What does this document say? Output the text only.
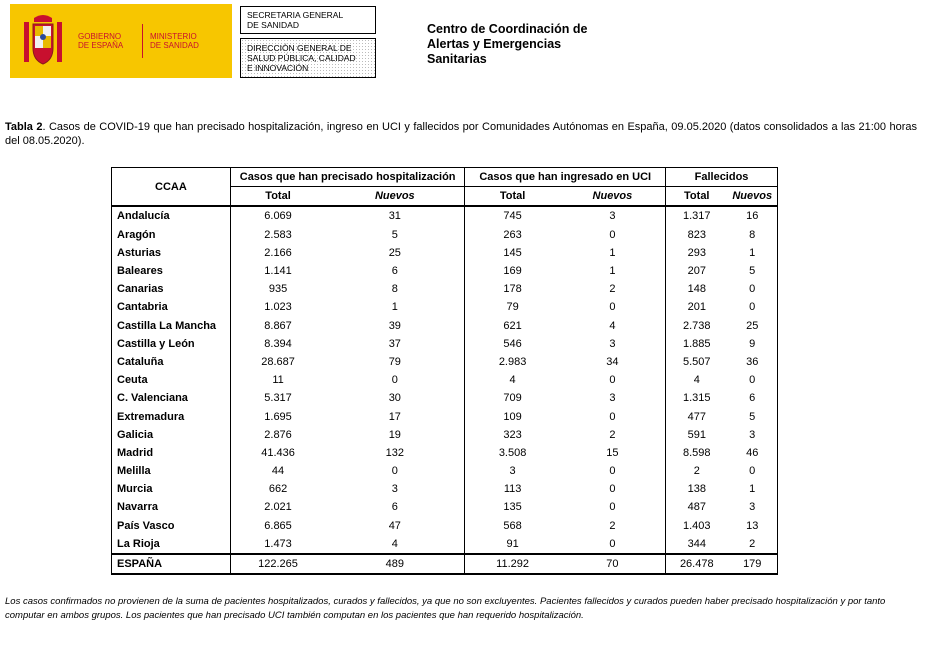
GOBIERNO
DE ESPAÑA
MINISTERIO
DE SANIDAD
SECRETARIA GENERAL
DE SANIDAD
DIRECCIÓN GENERAL DE
SALUD PÚBLICA, CALIDAD
E INNOVACIÓN
Centro de Coordinación de
Alertas y Emergencias
Sanitarias
Tabla 2. Casos de COVID-19 que han precisado hospitalización, ingreso en UCI y fallecidos por Comunidades Autónomas en España, 09.05.2020 (datos consolidados a las 21:00 horas del 08.05.2020).
CCAA	Casos que han precisado hospitalización		Casos que han ingresado en UCI		Fallecidos	
	Total	Nuevos	Total	Nuevos	Total	Nuevos
Andalucía	6.069	31	745	3	1.317	16
Aragón	2.583	5	263	0	823	8
Asturias	2.166	25	145	1	293	1
Baleares	1.141	6	169	1	207	5
Canarias	935	8	178	2	148	0
Cantabria	1.023	1	79	0	201	0
Castilla La Mancha	8.867	39	621	4	2.738	25
Castilla y León	8.394	37	546	3	1.885	9
Cataluña	28.687	79	2.983	34	5.507	36
Ceuta	11	0	4	0	4	0
C. Valenciana	5.317	30	709	3	1.315	6
Extremadura	1.695	17	109	0	477	5
Galicia	2.876	19	323	2	591	3
Madrid	41.436	132	3.508	15	8.598	46
Melilla	44	0	3	0	2	0
Murcia	662	3	113	0	138	1
Navarra	2.021	6	135	0	487	3
País Vasco	6.865	47	568	2	1.403	13
La Rioja	1.473	4	91	0	344	2
ESPAÑA	122.265	489	11.292	70	26.478	179
Los casos confirmados no provienen de la suma de pacientes hospitalizados, curados y fallecidos, ya que no son excluyentes. Pacientes fallecidos y curados pueden haber precisado hospitalización y por tanto computar en ambos grupos. Los pacientes que han precisado UCI también computan en los pacientes que han requerido hospitalización.
